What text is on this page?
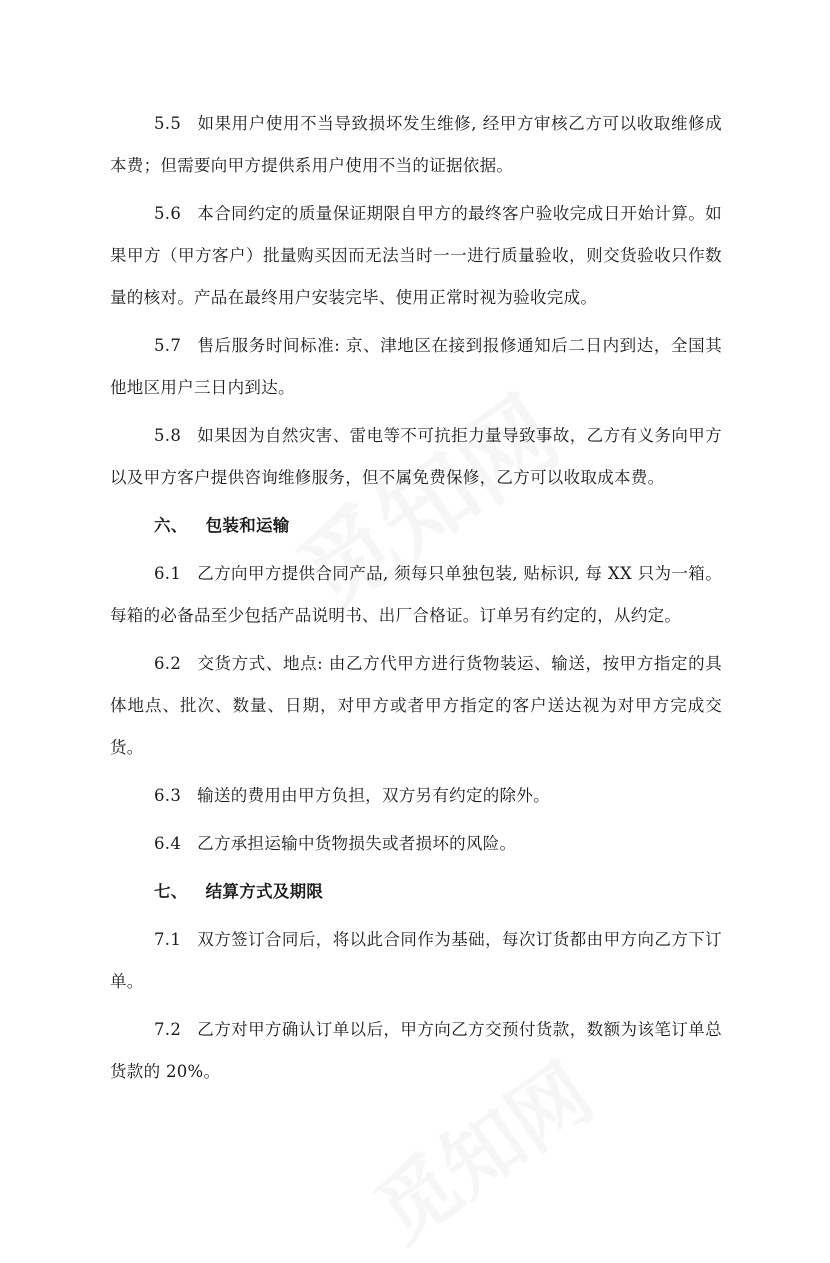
5.5 如果用户使用不当导致损坏发生维修, 经甲方审核乙方可以收取维修成本费；但需要向甲方提供系用户使用不当的证据依据。

5.6 本合同约定的质量保证期限自甲方的最终客户验收完成日开始计算。如果甲方（甲方客户）批量购买因而无法当时一一进行质量验收，则交货验收只作数量的核对。产品在最终用户安装完毕、使用正常时视为验收完成。

5.7 售后服务时间标准: 京、津地区在接到报修通知后二日内到达，全国其他地区用户三日内到达。

5.8 如果因为自然灾害、雷电等不可抗拒力量导致事故，乙方有义务向甲方以及甲方客户提供咨询维修服务，但不属免费保修，乙方可以收取成本费。

六、 包装和运输

6.1 乙方向甲方提供合同产品, 须每只单独包装, 贴标识, 每 XX 只为一箱。每箱的必备品至少包括产品说明书、出厂合格证。订单另有约定的，从约定。

6.2 交货方式、地点: 由乙方代甲方进行货物装运、输送，按甲方指定的具体地点、批次、数量、日期，对甲方或者甲方指定的客户送达视为对甲方完成交货。

6.3 输送的费用由甲方负担，双方另有约定的除外。

6.4 乙方承担运输中货物损失或者损坏的风险。

七、 结算方式及期限

7.1 双方签订合同后，将以此合同作为基础，每次订货都由甲方向乙方下订单。

7.2 乙方对甲方确认订单以后，甲方向乙方交预付货款，数额为该笔订单总货款的 20%。
